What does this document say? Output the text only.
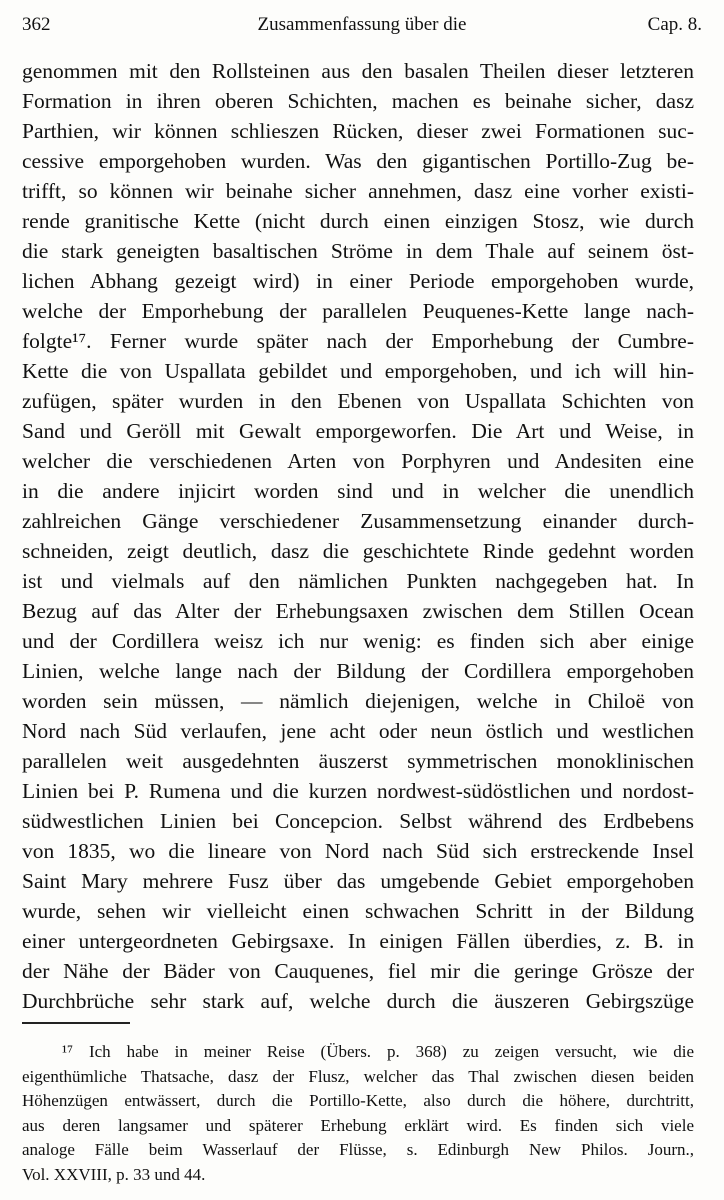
362	Zusammenfassung über die	Cap. 8.
genommen mit den Rollsteinen aus den basalen Theilen dieser letzteren
Formation in ihren oberen Schichten, machen es beinahe sicher, dasz
Parthien, wir können schlieszen Rücken, dieser zwei Formationen suc-
cessive emporgehoben wurden. Was den gigantischen Portillo-Zug be-
trifft, so können wir beinahe sicher annehmen, dasz eine vorher existi-
rende granitische Kette (nicht durch einen einzigen Stosz, wie durch
die stark geneigten basaltischen Ströme in dem Thale auf seinem öst-
lichen Abhang gezeigt wird) in einer Periode emporgehoben wurde,
welche der Emporhebung der parallelen Peuquenes-Kette lange nach-
folgte¹⁷. Ferner wurde später nach der Emporhebung der Cumbre-
Kette die von Uspallata gebildet und emporgehoben, und ich will hin-
zufügen, später wurden in den Ebenen von Uspallata Schichten von
Sand und Geröll mit Gewalt emporgeworfen. Die Art und Weise, in
welcher die verschiedenen Arten von Porphyren und Andesiten eine
in die andere injicirt worden sind und in welcher die unendlich
zahlreichen Gänge verschiedener Zusammensetzung einander durch-
schneiden, zeigt deutlich, dasz die geschichtete Rinde gedehnt worden
ist und vielmals auf den nämlichen Punkten nachgegeben hat. In
Bezug auf das Alter der Erhebungsaxen zwischen dem Stillen Ocean
und der Cordillera weisz ich nur wenig: es finden sich aber einige
Linien, welche lange nach der Bildung der Cordillera emporgehoben
worden sein müssen, — nämlich diejenigen, welche in Chiloë von
Nord nach Süd verlaufen, jene acht oder neun östlich und westlichen
parallelen weit ausgedehnten äuszerst symmetrischen monoklinischen
Linien bei P. Rumena und die kurzen nordwest-südöstlichen und nordost-
südwestlichen Linien bei Concepcion. Selbst während des Erdbebens
von 1835, wo die lineare von Nord nach Süd sich erstreckende Insel
Saint Mary mehrere Fusz über das umgebende Gebiet emporgehoben
wurde, sehen wir vielleicht einen schwachen Schritt in der Bildung
einer untergeordneten Gebirgsaxe. In einigen Fällen überdies, z. B. in
der Nähe der Bäder von Cauquenes, fiel mir die geringe Grösze der
Durchbrüche sehr stark auf, welche durch die äuszeren Gebirgszüge
¹⁷ Ich habe in meiner Reise (Übers. p. 368) zu zeigen versucht, wie die
eigenthümliche Thatsache, dasz der Flusz, welcher das Thal zwischen diesen beiden
Höhenzügen entwässert, durch die Portillo-Kette, also durch die höhere, durchtritt,
aus deren langsamer und späterer Erhebung erklärt wird. Es finden sich viele
analoge Fälle beim Wasserlauf der Flüsse, s. Edinburgh New Philos. Journ.,
Vol. XXVIII, p. 33 und 44.
